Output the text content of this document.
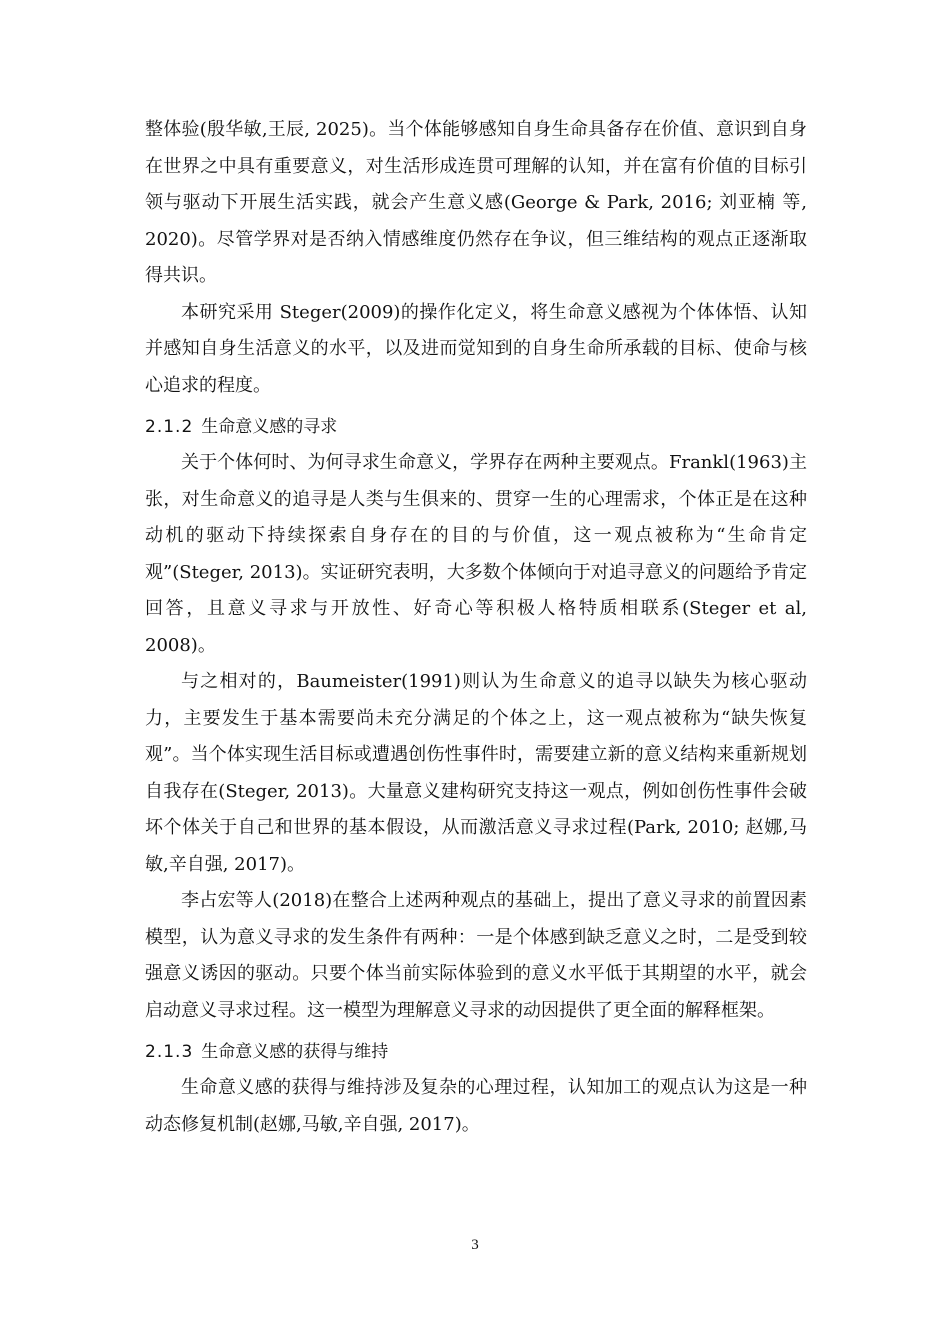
整体验(殷华敏,王辰, 2025)。当个体能够感知自身生命具备存在价值、意识到自身在世界之中具有重要意义，对生活形成连贯可理解的认知，并在富有价值的目标引领与驱动下开展生活实践，就会产生意义感(George & Park, 2016; 刘亚楠 等, 2020)。尽管学界对是否纳入情感维度仍然存在争议，但三维结构的观点正逐渐取得共识。

本研究采用 Steger(2009)的操作化定义，将生命意义感视为个体体悟、认知并感知自身生活意义的水平，以及进而觉知到的自身生命所承载的目标、使命与核心追求的程度。

2.1.2 生命意义感的寻求

关于个体何时、为何寻求生命意义，学界存在两种主要观点。Frankl(1963)主张，对生命意义的追寻是人类与生俱来的、贯穿一生的心理需求，个体正是在这种动机的驱动下持续探索自身存在的目的与价值，这一观点被称为“生命肯定观”(Steger, 2013)。实证研究表明，大多数个体倾向于对追寻意义的问题给予肯定回答，且意义寻求与开放性、好奇心等积极人格特质相联系(Steger et al, 2008)。

与之相对的，Baumeister(1991)则认为生命意义的追寻以缺失为核心驱动力，主要发生于基本需要尚未充分满足的个体之上，这一观点被称为“缺失恢复观”。当个体实现生活目标或遭遇创伤性事件时，需要建立新的意义结构来重新规划自我存在(Steger, 2013)。大量意义建构研究支持这一观点，例如创伤性事件会破坏个体关于自己和世界的基本假设，从而激活意义寻求过程(Park, 2010; 赵娜,马敏,辛自强, 2017)。

李占宏等人(2018)在整合上述两种观点的基础上，提出了意义寻求的前置因素模型，认为意义寻求的发生条件有两种：一是个体感到缺乏意义之时，二是受到较强意义诱因的驱动。只要个体当前实际体验到的意义水平低于其期望的水平，就会启动意义寻求过程。这一模型为理解意义寻求的动因提供了更全面的解释框架。

2.1.3 生命意义感的获得与维持

生命意义感的获得与维持涉及复杂的心理过程，认知加工的观点认为这是一种动态修复机制(赵娜,马敏,辛自强, 2017)。

3
